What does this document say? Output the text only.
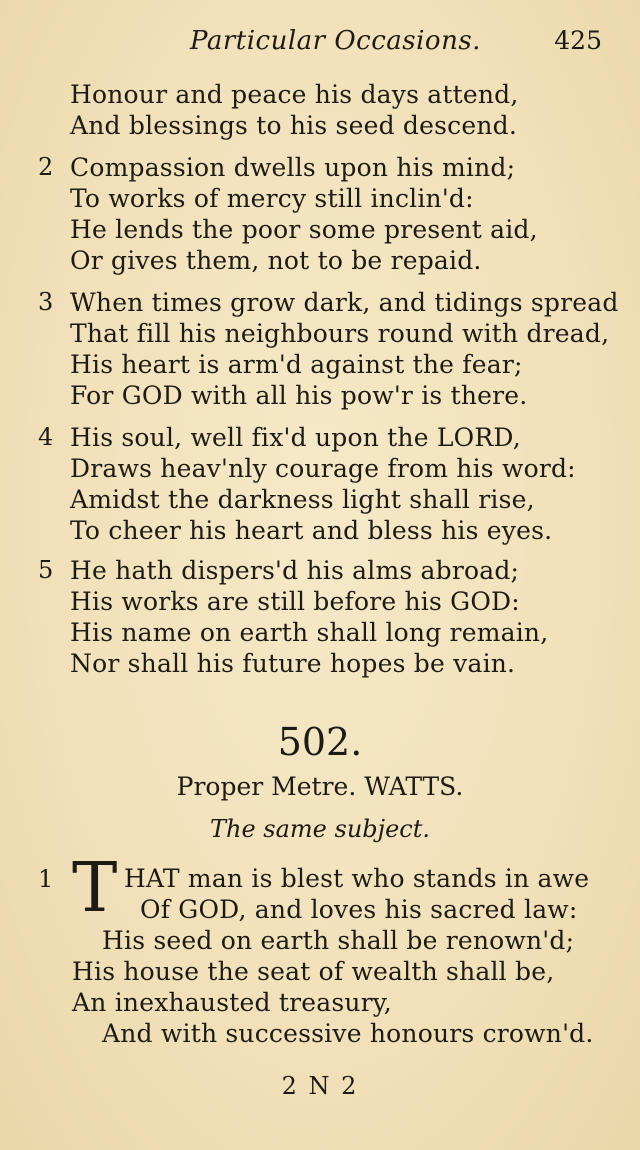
Particular Occasions.	425
Honour and peace his days attend,
And blessings to his seed descend.
2 Compassion dwells upon his mind;
To works of mercy still inclin'd:
He lends the poor some present aid,
Or gives them, not to be repaid.
3 When times grow dark, and tidings spread
That fill his neighbours round with dread,
His heart is arm'd against the fear;
For GOD with all his pow'r is there.
4 His soul, well fix'd upon the LORD,
Draws heav'nly courage from his word:
Amidst the darkness light shall rise,
To cheer his heart and bless his eyes.
5 He hath dispers'd his alms abroad;
His works are still before his GOD:
His name on earth shall long remain,
Nor shall his future hopes be vain.
502.
Proper Metre. WATTS.
The same subject.
1 T HAT man is blest who stands in awe
Of GOD, and loves his sacred law:
His seed on earth shall be renown'd;
His house the seat of wealth shall be,
An inexhausted treasury,
And with successive honours crown'd.
2 N 2
